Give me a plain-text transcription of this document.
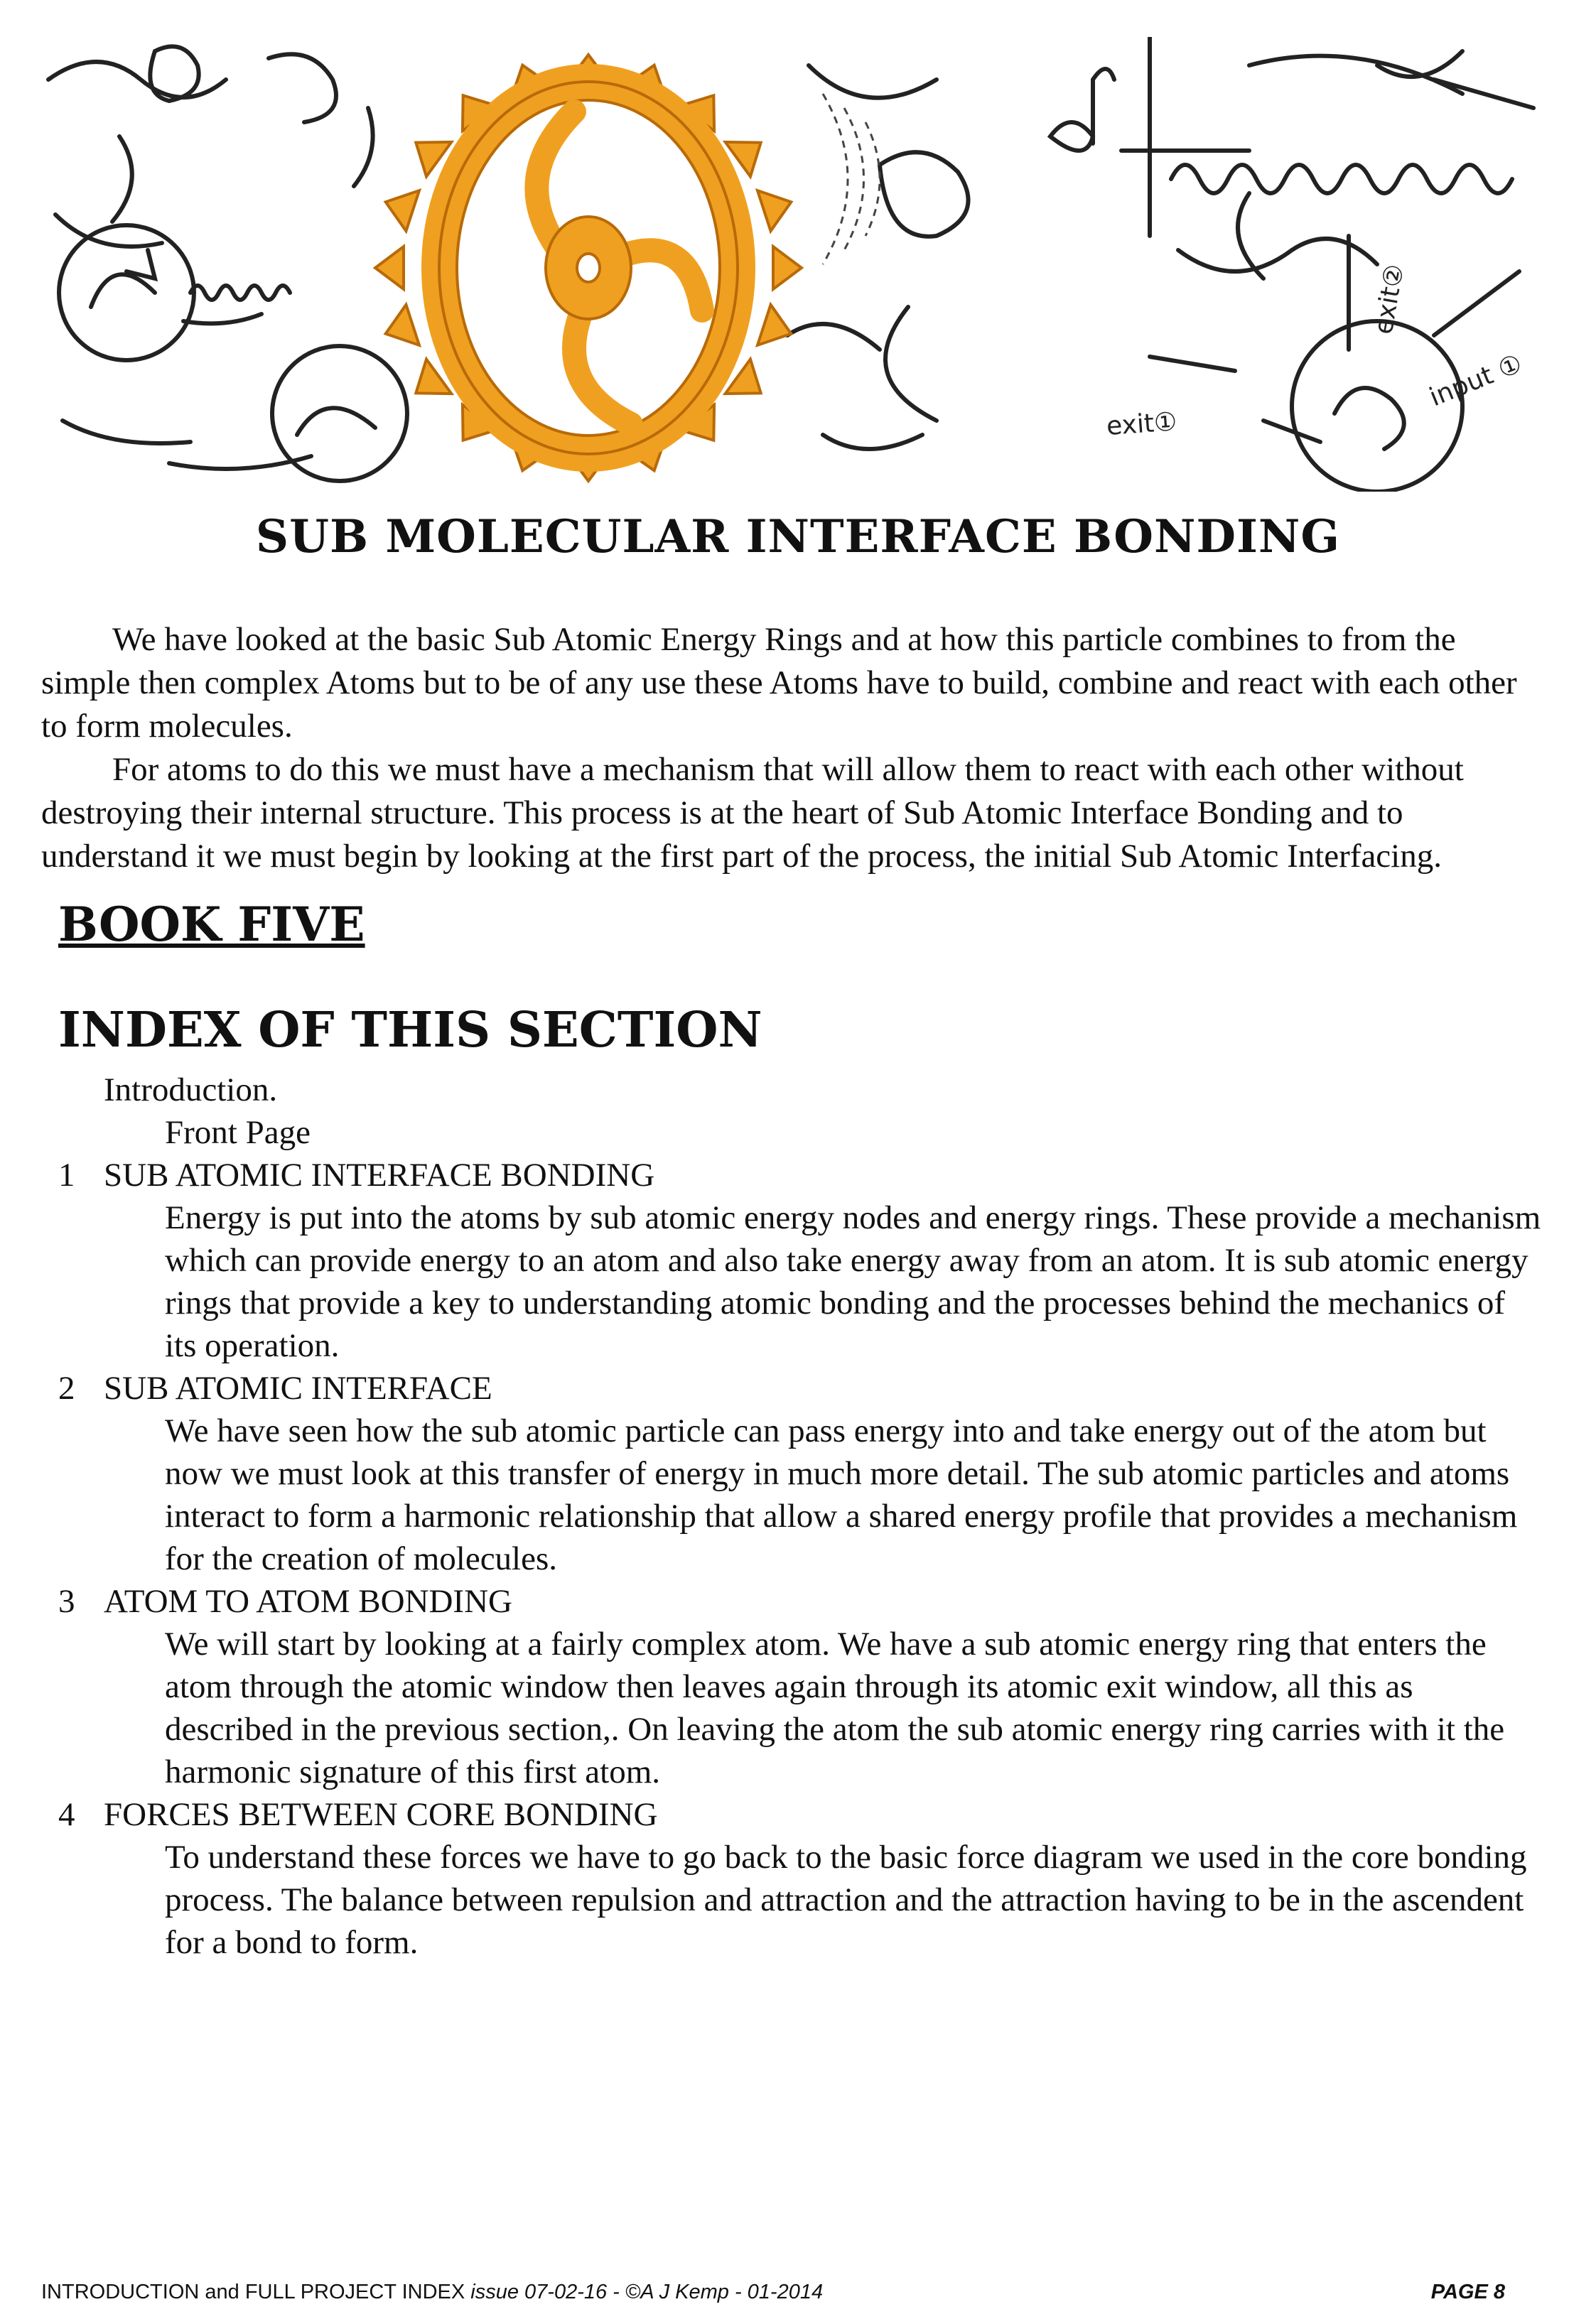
exit①
exit②
input ①
SUB MOLECULAR INTERFACE BONDING

We have looked at the basic Sub Atomic Energy Rings and at how this particle combines to from the simple then complex Atoms but to be of any use these Atoms have to build, combine and react with each other to form molecules.

For atoms to do this we must have a mechanism that will allow them to react with each other without destroying their internal structure. This process is at the heart of Sub Atomic Interface Bonding and to understand it we must begin by looking at the first part of the process, the initial Sub Atomic Interfacing.

BOOK FIVE
INDEX OF THIS SECTION
Introduction.
Front Page
1 SUB ATOMIC INTERFACE BONDING
Energy is put into the atoms by sub atomic energy nodes and energy rings. These provide a mechanism which can provide energy to an atom and also take energy away from an atom. It is sub atomic energy rings that provide a key to understanding atomic bonding and the processes behind the mechanics of its operation.
2 SUB ATOMIC INTERFACE
We have seen how the sub atomic particle can pass energy into and take energy out of the atom but now we must look at this transfer of energy in much more detail. The sub atomic particles and atoms interact to form a harmonic relationship that allow a shared energy profile that provides a mechanism for the creation of molecules.
3 ATOM TO ATOM BONDING
We will start by looking at a fairly complex atom. We have a sub atomic energy ring that enters the atom through the atomic window then leaves again through its atomic exit window, all this as described in the previous section,. On leaving the atom the sub atomic energy ring carries with it the harmonic signature of this first atom.
4 FORCES BETWEEN CORE BONDING
To understand these forces we have to go back to the basic force diagram we used in the core bonding process. The balance between repulsion and attraction and the attraction having to be in the ascendent for a bond to form.
INTRODUCTION and FULL PROJECT INDEX issue 07-02-16 - ©A J Kemp - 01-2014	PAGE 8
